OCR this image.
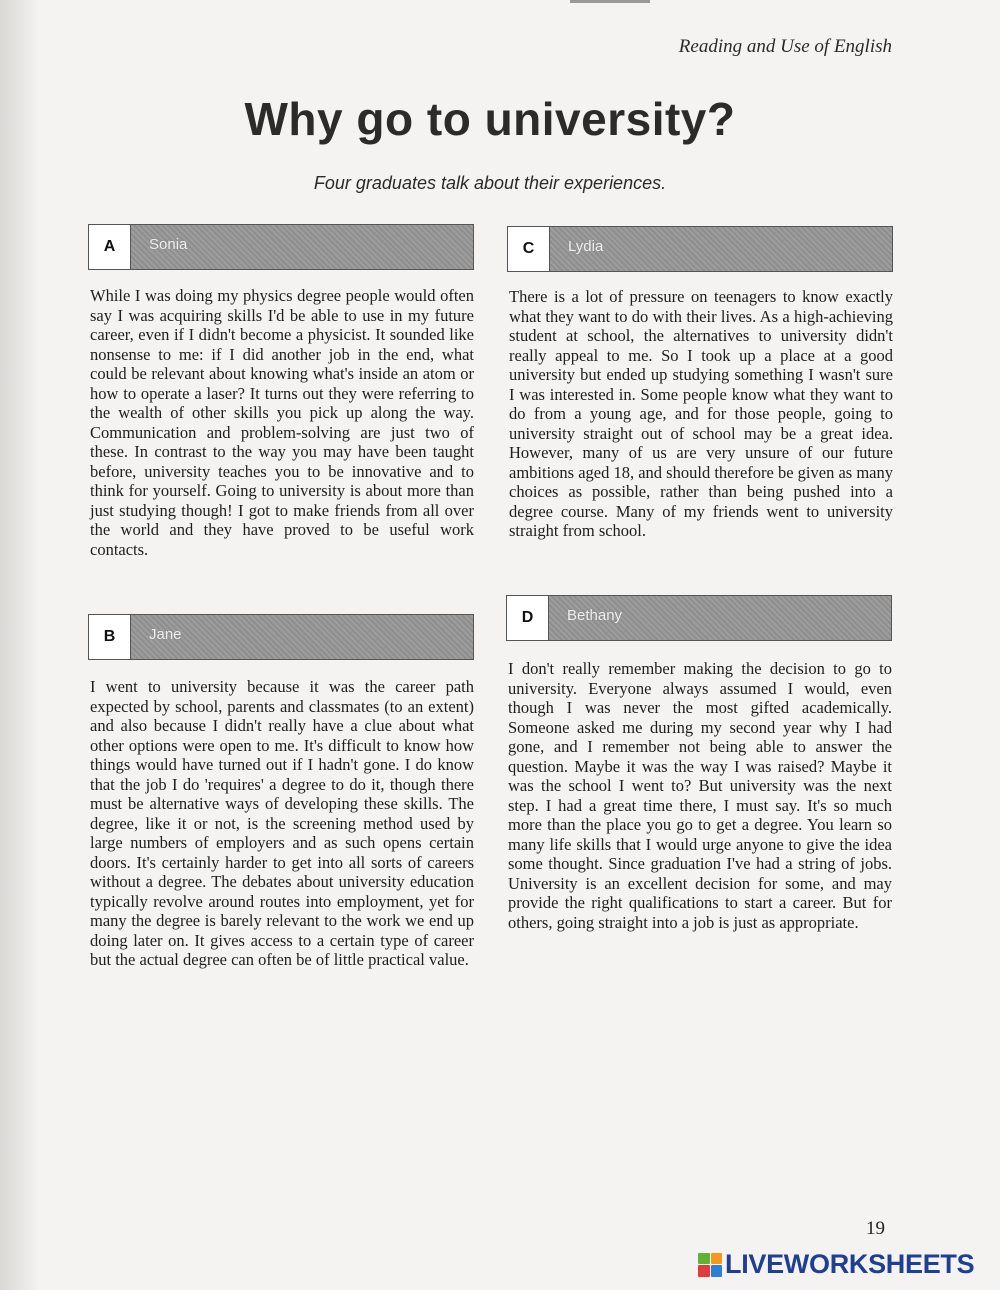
Reading and Use of English
Why go to university?
Four graduates talk about their experiences.
A	Sonia

While I was doing my physics degree people would often say I was acquiring skills I'd be able to use in my future career, even if I didn't become a physicist. It sounded like nonsense to me: if I did another job in the end, what could be relevant about knowing what's inside an atom or how to operate a laser? It turns out they were referring to the wealth of other skills you pick up along the way. Communication and problem-solving are just two of these. In contrast to the way you may have been taught before, university teaches you to be innovative and to think for yourself. Going to university is about more than just studying though! I got to make friends from all over the world and they have proved to be useful work contacts.

B	Jane

I went to university because it was the career path expected by school, parents and classmates (to an extent) and also because I didn't really have a clue about what other options were open to me. It's difficult to know how things would have turned out if I hadn't gone. I do know that the job I do 'requires' a degree to do it, though there must be alternative ways of developing these skills. The degree, like it or not, is the screening method used by large numbers of employers and as such opens certain doors. It's certainly harder to get into all sorts of careers without a degree. The debates about university education typically revolve around routes into employment, yet for many the degree is barely relevant to the work we end up doing later on. It gives access to a certain type of career but the actual degree can often be of little practical value.

C	Lydia

There is a lot of pressure on teenagers to know exactly what they want to do with their lives. As a high-achieving student at school, the alternatives to university didn't really appeal to me. So I took up a place at a good university but ended up studying something I wasn't sure I was interested in. Some people know what they want to do from a young age, and for those people, going to university straight out of school may be a great idea. However, many of us are very unsure of our future ambitions aged 18, and should therefore be given as many choices as possible, rather than being pushed into a degree course. Many of my friends went to university straight from school.

D	Bethany

I don't really remember making the decision to go to university. Everyone always assumed I would, even though I was never the most gifted academically. Someone asked me during my second year why I had gone, and I remember not being able to answer the question. Maybe it was the way I was raised? Maybe it was the school I went to? But university was the next step. I had a great time there, I must say. It's so much more than the place you go to get a degree. You learn so many life skills that I would urge anyone to give the idea some thought. Since graduation I've had a string of jobs. University is an excellent decision for some, and may provide the right qualifications to start a career. But for others, going straight into a job is just as appropriate.

19
LIVEWORKSHEETS
